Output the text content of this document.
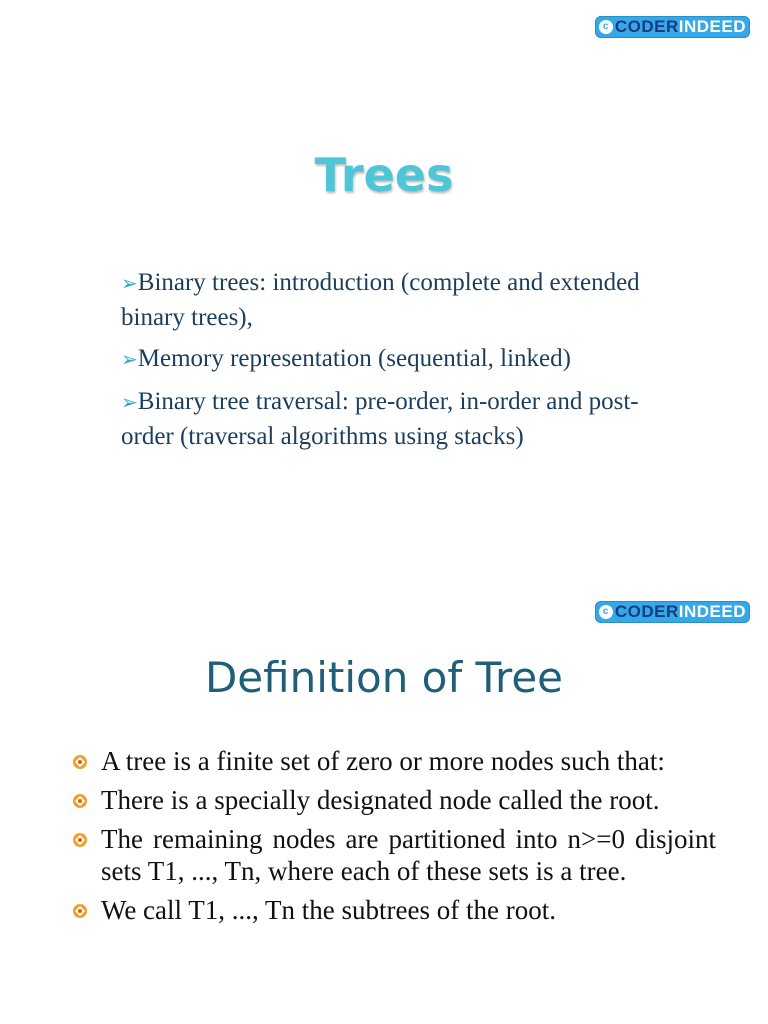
c CODER INDEED
Trees
➢Binary trees: introduction (complete and extended binary trees),
➢Memory representation (sequential, linked)
➢Binary tree traversal: pre-order, in-order and post-order (traversal algorithms using stacks)
c CODER INDEED
Definition of Tree
A tree is a finite set of zero or more nodes such that:
There is a specially designated node called the root.
The remaining nodes are partitioned into n>=0 disjoint sets T1, ..., Tn, where each of these sets is a tree.
We call T1, ..., Tn the subtrees of the root.
